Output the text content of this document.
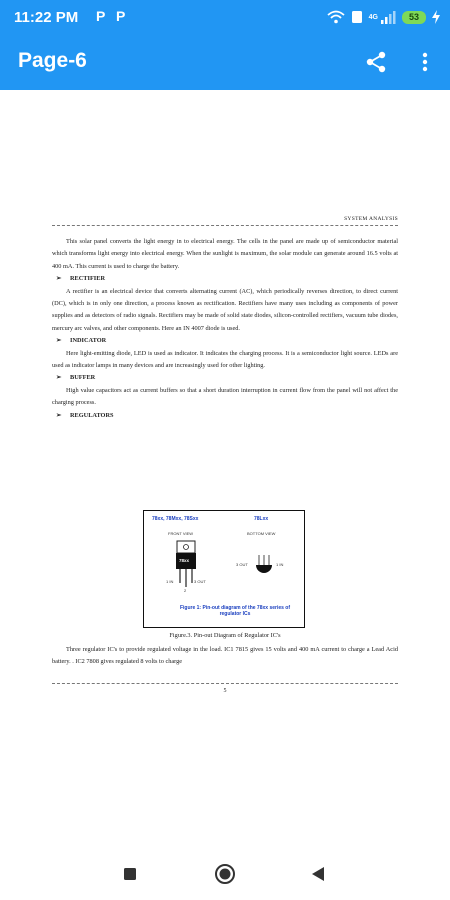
11:22 PM P P	4G	53
Page-6
SYSTEM ANALYSIS

This solar panel converts the light energy in to electrical energy. The cells in the panel are made up of semiconductor material which transforms light energy into electrical energy. When the sunlight is maximum, the solar module can generate around 16.5 volts at 400 mA. This current is used to charge the battery.

➢ RECTIFIER

A rectifier is an electrical device that converts alternating current (AC), which periodically reverses direction, to direct current (DC), which is in only one direction, a process known as rectification. Rectifiers have many uses including as components of power supplies and as detectors of radio signals. Rectifiers may be made of solid state diodes, silicon-controlled rectifiers, vacuum tube diodes, mercury arc valves, and other components. Here an IN 4007 diode is used.

➢ INDICATOR

Here light-emitting diode, LED is used as indicator. It indicates the charging process. It is a semiconductor light source. LEDs are used as indicator lamps in many devices and are increasingly used for other lighting.

➢ BUFFER

High value capacitors act as current buffers so that a short duration interruption in current flow from the panel will not affect the charging process.

➢ REGULATORS

78xx, 78Mxx, 78Sxx	78Lxx
FRONT VIEW	BOTTOM VIEW
78xx
1 IN	3 OUT
2
3 OUT	1 IN
Figure 1: Pin-out diagram of the 78xx series of regulator ICs
Figure.3. Pin-out Diagram of Regulator IC's

Three regulator IC's to provide regulated voltage in the load. IC1 7815 gives 15 volts and 400 mA current to charge a Lead Acid battery. . IC2 7808 gives regulated 8 volts to charge

5
